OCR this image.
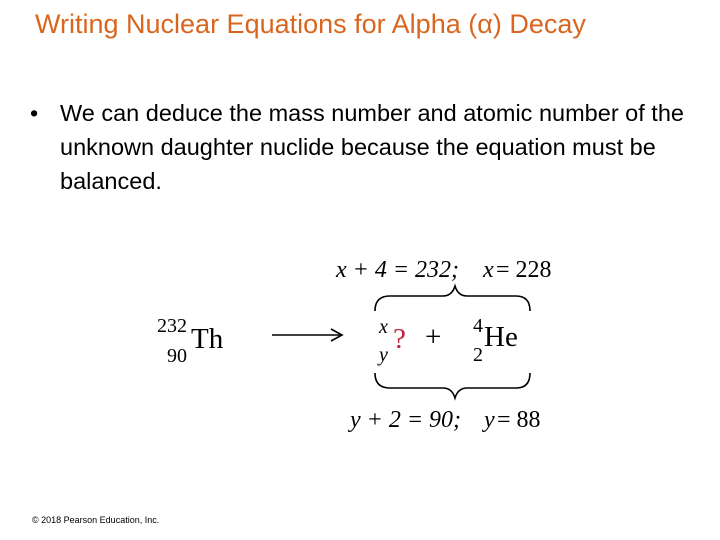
Writing Nuclear Equations for Alpha (α) Decay
• We can deduce the mass number and atomic number of the unknown daughter nuclide because the equation must be balanced.
x + 4 = 232; x = 228
232
90
Th	x
y ? + 4
2
He
y + 2 = 90; y = 88
© 2018 Pearson Education, Inc.
